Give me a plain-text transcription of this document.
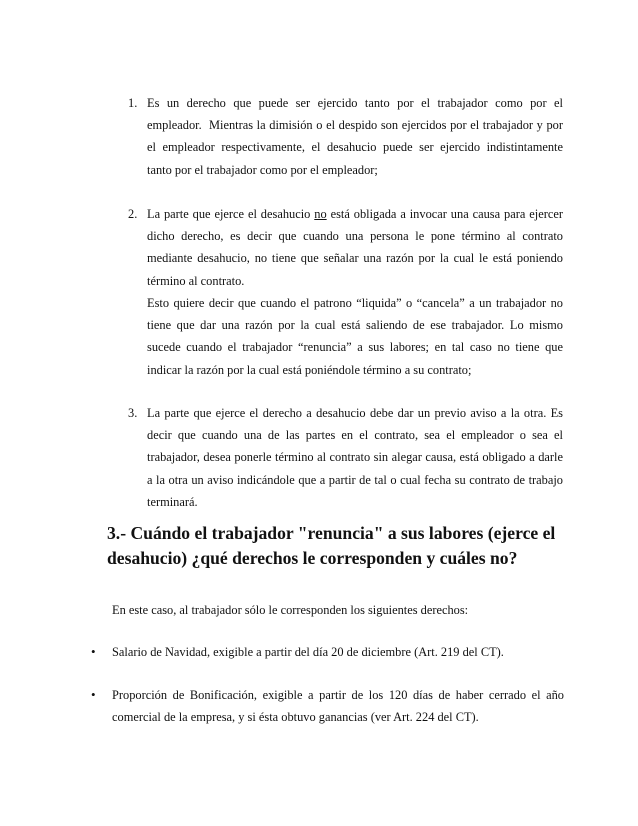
1. Es un derecho que puede ser ejercido tanto por el trabajador como por el empleador. Mientras la dimisión o el despido son ejercidos por el trabajador y por el empleador respectivamente, el desahucio puede ser ejercido indistintamente tanto por el trabajador como por el empleador;
2. La parte que ejerce el desahucio no está obligada a invocar una causa para ejercer dicho derecho, es decir que cuando una persona le pone término al contrato mediante desahucio, no tiene que señalar una razón por la cual le está poniendo término al contrato.
Esto quiere decir que cuando el patrono “liquida” o “cancela” a un trabajador no tiene que dar una razón por la cual está saliendo de ese trabajador. Lo mismo sucede cuando el trabajador “renuncia” a sus labores; en tal caso no tiene que indicar la razón por la cual está poniéndole término a su contrato;
3. La parte que ejerce el derecho a desahucio debe dar un previo aviso a la otra. Es decir que cuando una de las partes en el contrato, sea el empleador o sea el trabajador, desea ponerle término al contrato sin alegar causa, está obligado a darle a la otra un aviso indicándole que a partir de tal o cual fecha su contrato de trabajo terminará.
3.- Cuándo el trabajador "renuncia" a sus labores (ejerce el desahucio) ¿qué derechos le corresponden y cuáles no?
En este caso, al trabajador sólo le corresponden los siguientes derechos:
• Salario de Navidad, exigible a partir del día 20 de diciembre (Art. 219 del CT).
• Proporción de Bonificación, exigible a partir de los 120 días de haber cerrado el año comercial de la empresa, y si ésta obtuvo ganancias (ver Art. 224 del CT).
